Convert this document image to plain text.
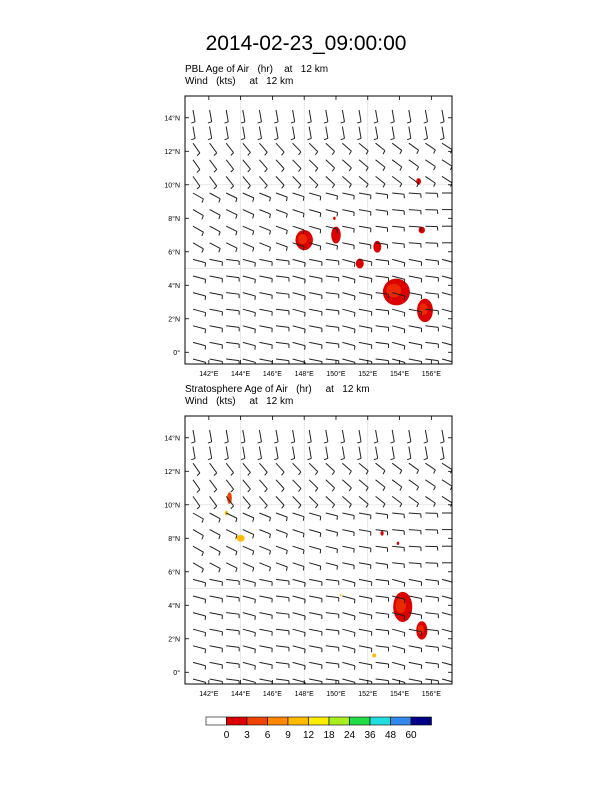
2014-02-23_09:00:00
PBL Age of Air   (hr)    at   12 km
Wind   (kts)     at   12 km
142°E 144°E 146°E 148°E 150°E 152°E 154°E 156°E
0°
2°N
4°N
6°N
8°N
10°N
12°N
14°N
Stratosphere Age of Air   (hr)     at   12 km
Wind   (kts)     at   12 km
142°E 144°E 146°E 148°E 150°E 152°E 154°E 156°E
0°
2°N
4°N
6°N
8°N
10°N
12°N
14°N
0 3 6 9 12 18 24 36 48 60
